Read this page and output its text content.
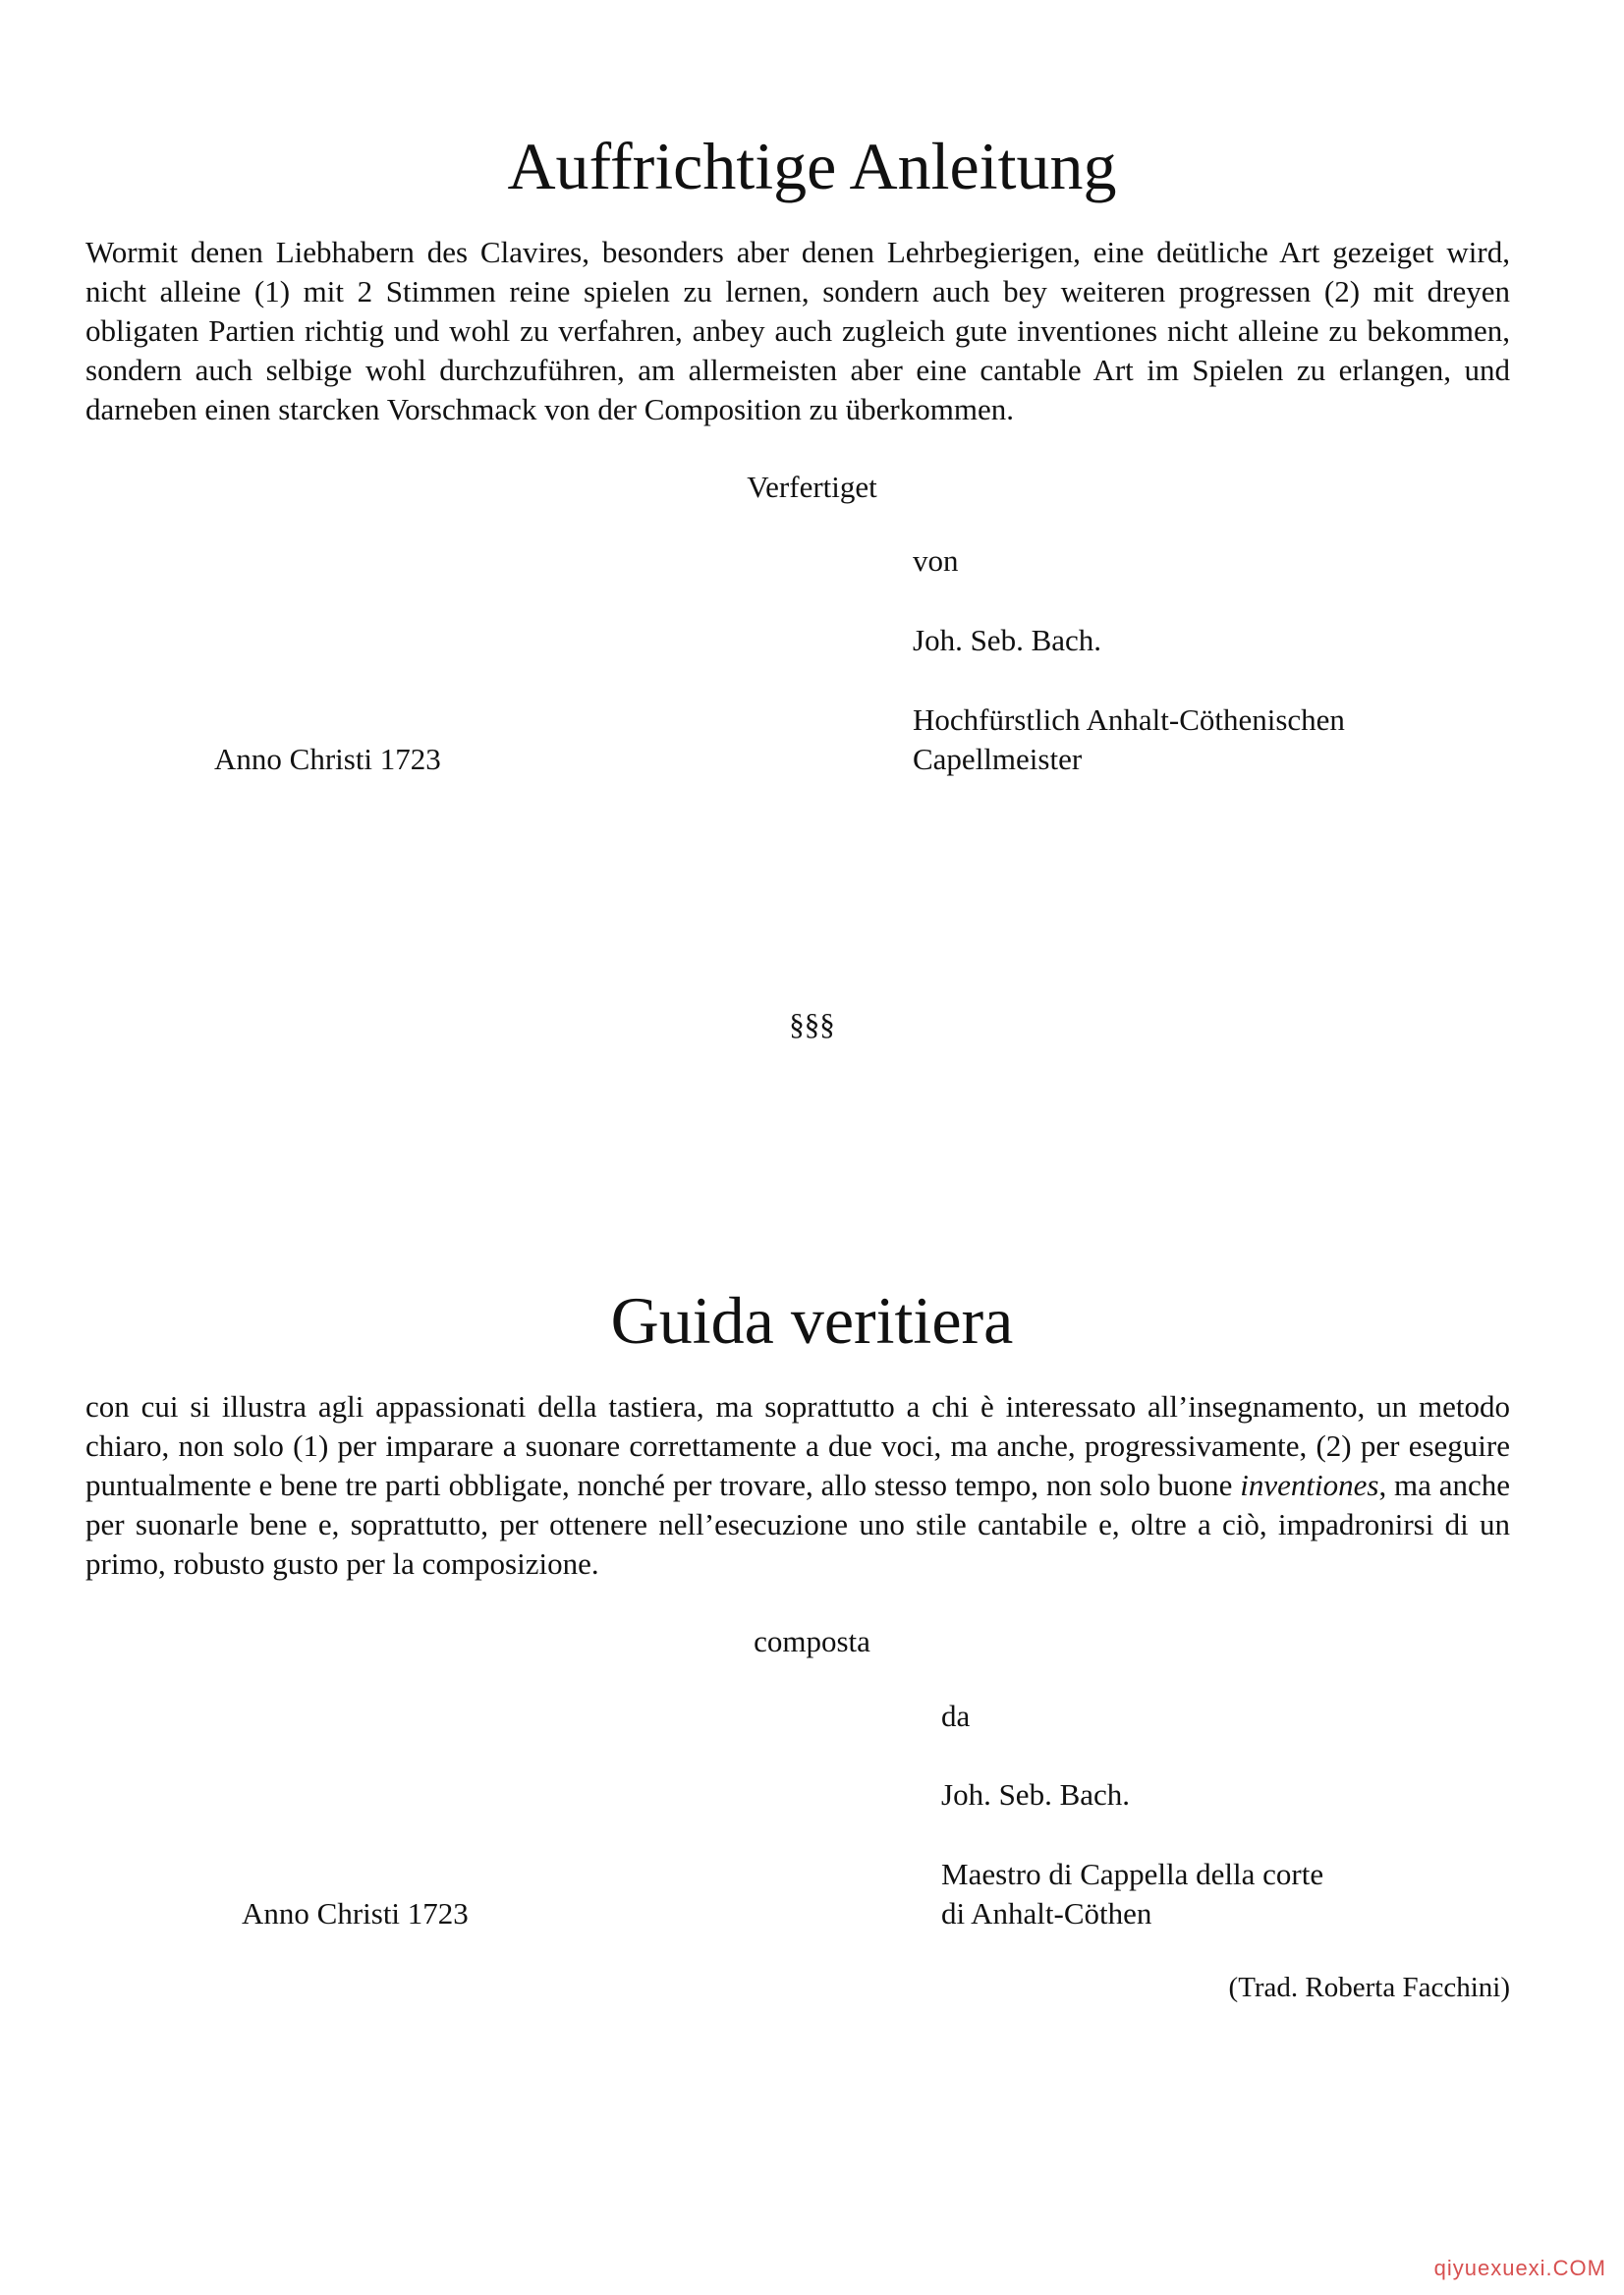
Auffrichtige Anleitung

Wormit denen Liebhabern des Clavires, besonders aber denen Lehrbegierigen, eine deütliche Art gezeiget wird, nicht alleine (1) mit 2 Stimmen reine spielen zu lernen, sondern auch bey weiteren progressen (2) mit dreyen obligaten Partien richtig und wohl zu verfahren, anbey auch zugleich gute inventiones nicht alleine zu bekommen, sondern auch selbige wohl durchzuführen, am allermeisten aber eine cantable Art im Spielen zu erlangen, und darneben einen starcken Vorschmack von der Composition zu überkommen.

Verfertiget
von
Joh. Seb. Bach.
Hochfürstlich Anhalt-Cöthenischen
Capellmeister
Anno Christi 1723
§§§
Guida veritiera

con cui si illustra agli appassionati della tastiera, ma soprattutto a chi è interessato all’insegnamento, un metodo chiaro, non solo (1) per imparare a suonare correttamente a due voci, ma anche, progressivamente, (2) per eseguire puntualmente e bene tre parti obbligate, nonché per trovare, allo stesso tempo, non solo buone inventiones, ma anche per suonarle bene e, soprattutto, per ottenere nell’esecuzione uno stile cantabile e, oltre a ciò, impadronirsi di un primo, robusto gusto per la composizione.

composta
da
Joh. Seb. Bach.
Maestro di Cappella della corte
di Anhalt-Cöthen
Anno Christi 1723
(Trad. Roberta Facchini)
qiyuexuexi.COM
